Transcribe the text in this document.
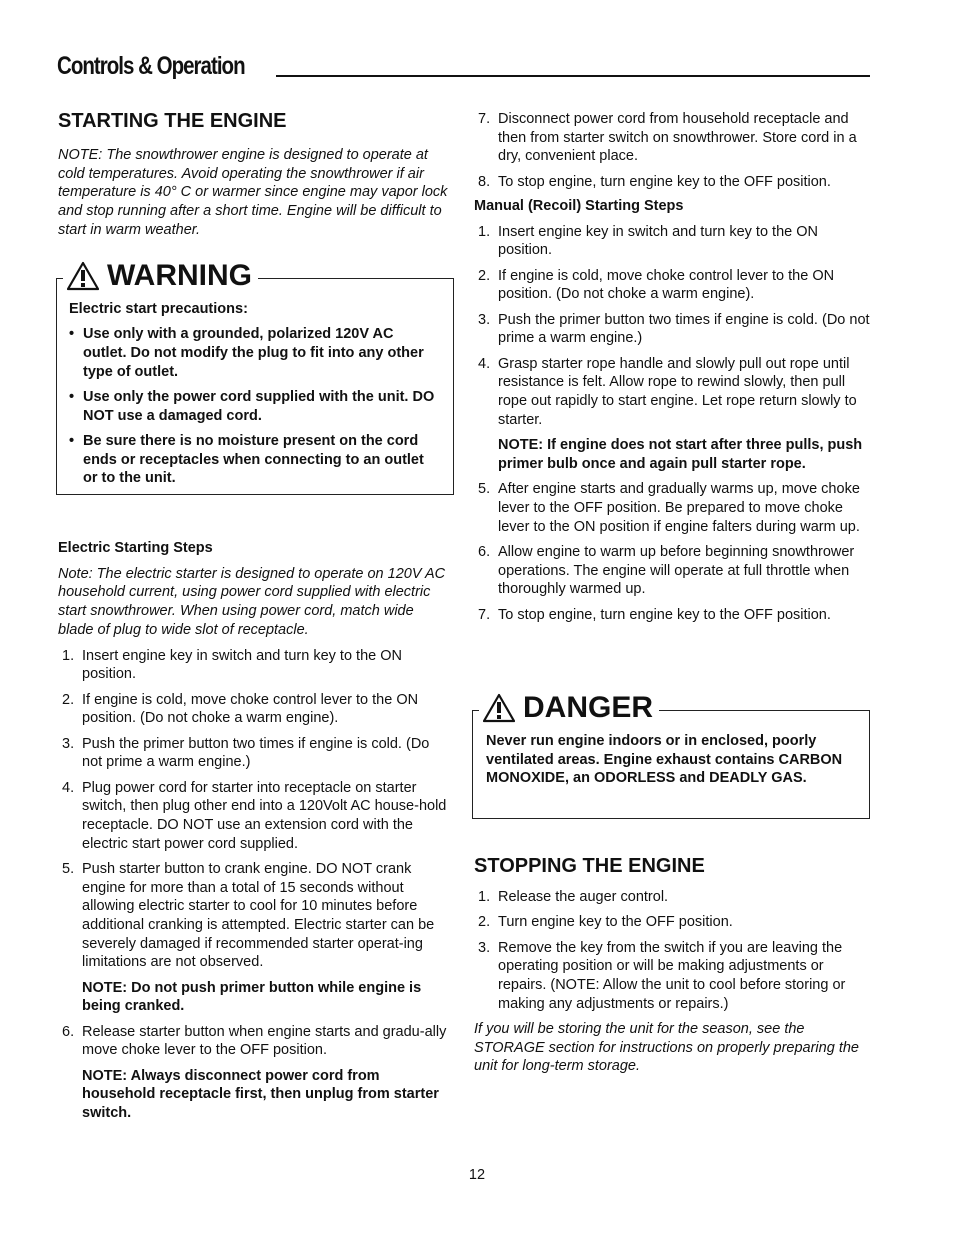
Controls & Operation
STARTING THE ENGINE
NOTE: The snowthrower engine is designed to operate at cold temperatures. Avoid operating the snowthrower if air temperature is 40° C or warmer since engine may vapor lock and stop running after a short time. Engine will be difficult to start in warm weather.
WARNING
Electric start precautions:
• Use only with a grounded, polarized 120V AC outlet. Do not modify the plug to fit into any other type of outlet.
• Use only the power cord supplied with the unit. DO NOT use a damaged cord.
• Be sure there is no moisture present on the cord ends or receptacles when connecting to an outlet or to the unit.
Electric Starting Steps
Note: The electric starter is designed to operate on 120V AC household current, using power cord supplied with electric start snowthrower. When using power cord, match wide blade of plug to wide slot of receptacle.
1. Insert engine key in switch and turn key to the ON position.
2. If engine is cold, move choke control lever to the ON position. (Do not choke a warm engine).
3. Push the primer button two times if engine is cold. (Do not prime a warm engine.)
4. Plug power cord for starter into receptacle on starter switch, then plug other end into a 120Volt AC house-hold receptacle. DO NOT use an extension cord with the electric start power cord supplied.
5. Push starter button to crank engine. DO NOT crank engine for more than a total of 15 seconds without allowing electric starter to cool for 10 minutes before additional cranking is attempted. Electric starter can be severely damaged if recommended starter operat-ing limitations are not observed.
NOTE: Do not push primer button while engine is being cranked.
6. Release starter button when engine starts and gradu-ally move choke lever to the OFF position.
NOTE: Always disconnect power cord from household receptacle first, then unplug from starter switch.
7. Disconnect power cord from household receptacle and then from starter switch on snowthrower. Store cord in a dry, convenient place.
8. To stop engine, turn engine key to the OFF position.
Manual (Recoil) Starting Steps
1. Insert engine key in switch and turn key to the ON position.
2. If engine is cold, move choke control lever to the ON position. (Do not choke a warm engine).
3. Push the primer button two times if engine is cold. (Do not prime a warm engine.)
4. Grasp starter rope handle and slowly pull out rope until resistance is felt. Allow rope to rewind slowly, then pull rope out rapidly to start engine. Let rope return slowly to starter.
NOTE: If engine does not start after three pulls, push primer bulb once and again pull starter rope.
5. After engine starts and gradually warms up, move choke lever to the OFF position. Be prepared to move choke lever to the ON position if engine falters during warm up.
6. Allow engine to warm up before beginning snowthrower operations. The engine will operate at full throttle when thoroughly warmed up.
7. To stop engine, turn engine key to the OFF position.
DANGER
Never run engine indoors or in enclosed, poorly ventilated areas. Engine exhaust contains CARBON MONOXIDE, an ODORLESS and DEADLY GAS.
STOPPING THE ENGINE
1. Release the auger control.
2. Turn engine key to the OFF position.
3. Remove the key from the switch if you are leaving the operating position or will be making adjustments or repairs. (NOTE: Allow the unit to cool before storing or making any adjustments or repairs.)
If you will be storing the unit for the season, see the STORAGE section for instructions on properly preparing the unit for long-term storage.
12
